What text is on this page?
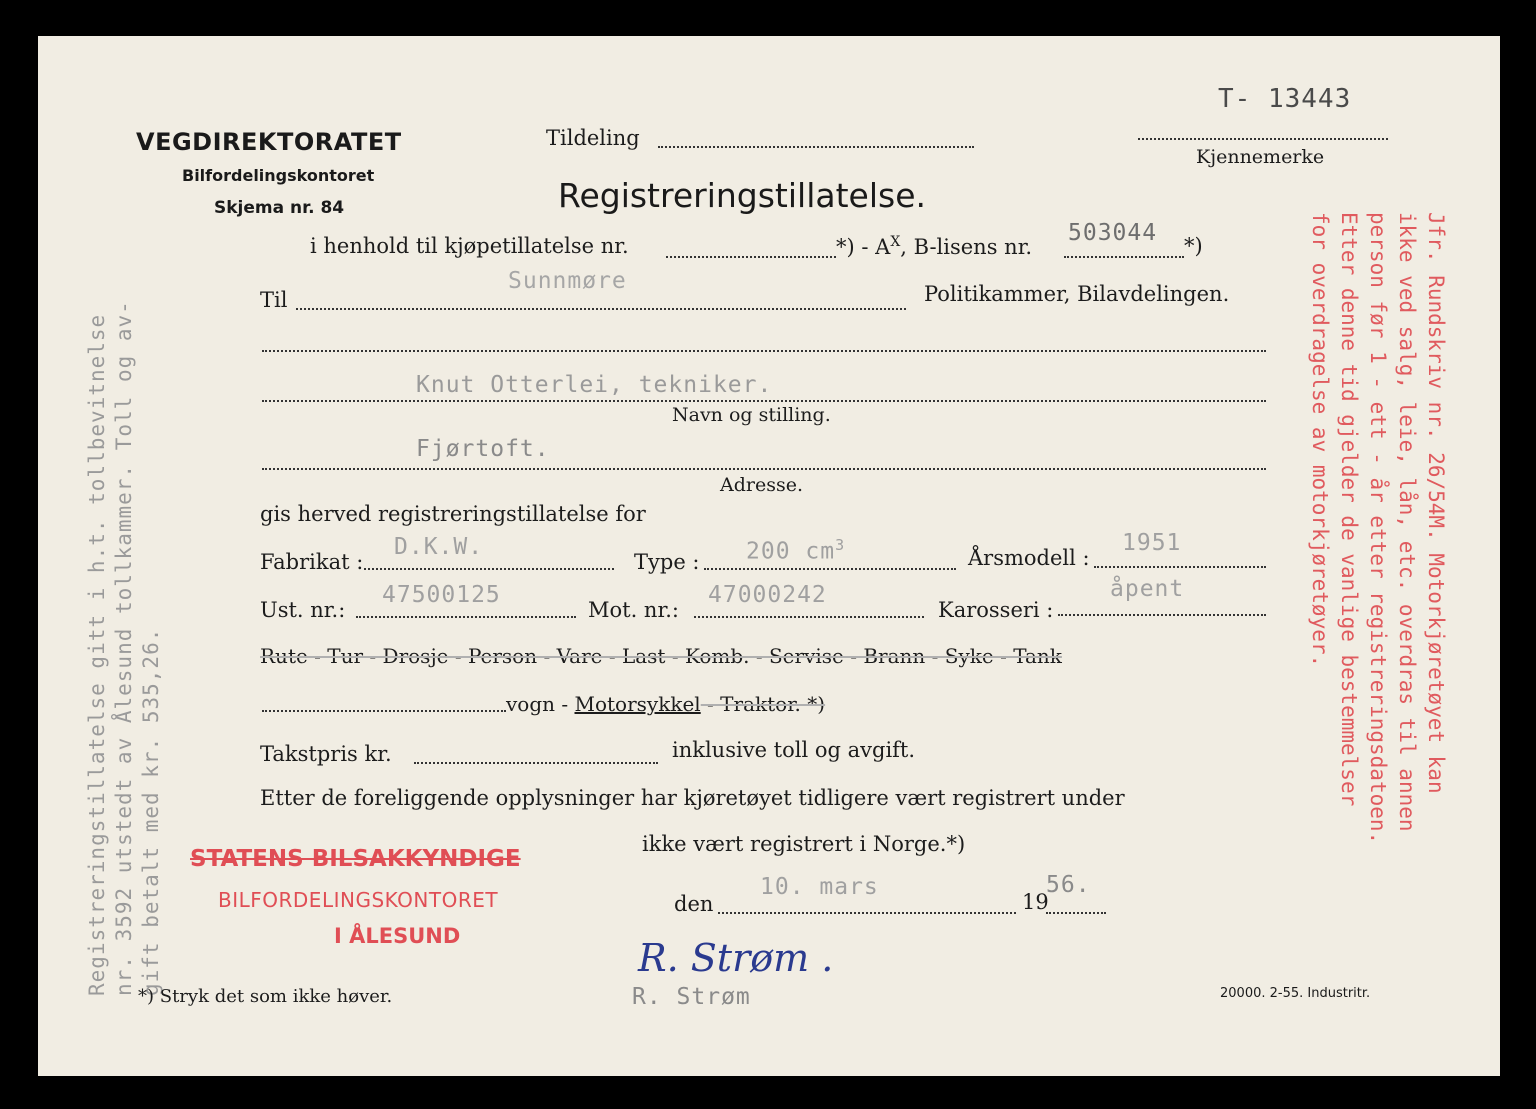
Registreringstillatelse gitt i h.t. tollbevitnelse nr. 3592 utstedt av Ålesund tollkammer. Toll og av- gift betalt med kr. 535,26.
VEGDIREKTORATET
Bilfordelingskontoret
Skjema nr. 84
Tildeling
T- 13443
Kjennemerke
Registreringstillatelse.
i henhold til kjøpetillatelse nr.	*) - $A^X$, B-lisens nr.
503044 *)
Til
Sunnmøre	Politikammer, Bilavdelingen.
Knut Otterlei, tekniker.
Navn og stilling.
Fjørtoft.
Adresse.
gis herved registreringstillatelse for
Fabrikat :
D.K.W.
Type : 200 $cm^3$
Årsmodell :
1951
Ust. nr.:
47500125
Mot. nr.:
47000242
Karosseri :
åpent
Rute - Tur - Drosje - Person - Vare - Last - Komb. - Servise - Brann - Syke - Tank
vogn - Motorsykkel - Traktor. *)
Takstpris kr.	inklusive toll og avgift.
Etter de foreliggende opplysninger har kjøretøyet tidligere vært registrert under
ikke vært registrert i Norge.*)
STATENS BILSAKKYNDIGE
BILFORDELINGSKONTORET
I ÅLESUND
den
10. mars
19
56.
R. Strøm .
R. Strøm
*) Stryk det som ikke høver.	20000. 2-55. Industritr.
Jfr. Rundskriv nr. 26/54M. Motorkjøretøyet kan
ikke ved salg, leie, lån, etc. overdras til annen
person før 1 - ett - år etter registreringsdatoen.
Etter denne tid gjelder de vanlige bestemmelser
for overdragelse av motorkjøretøyer.
